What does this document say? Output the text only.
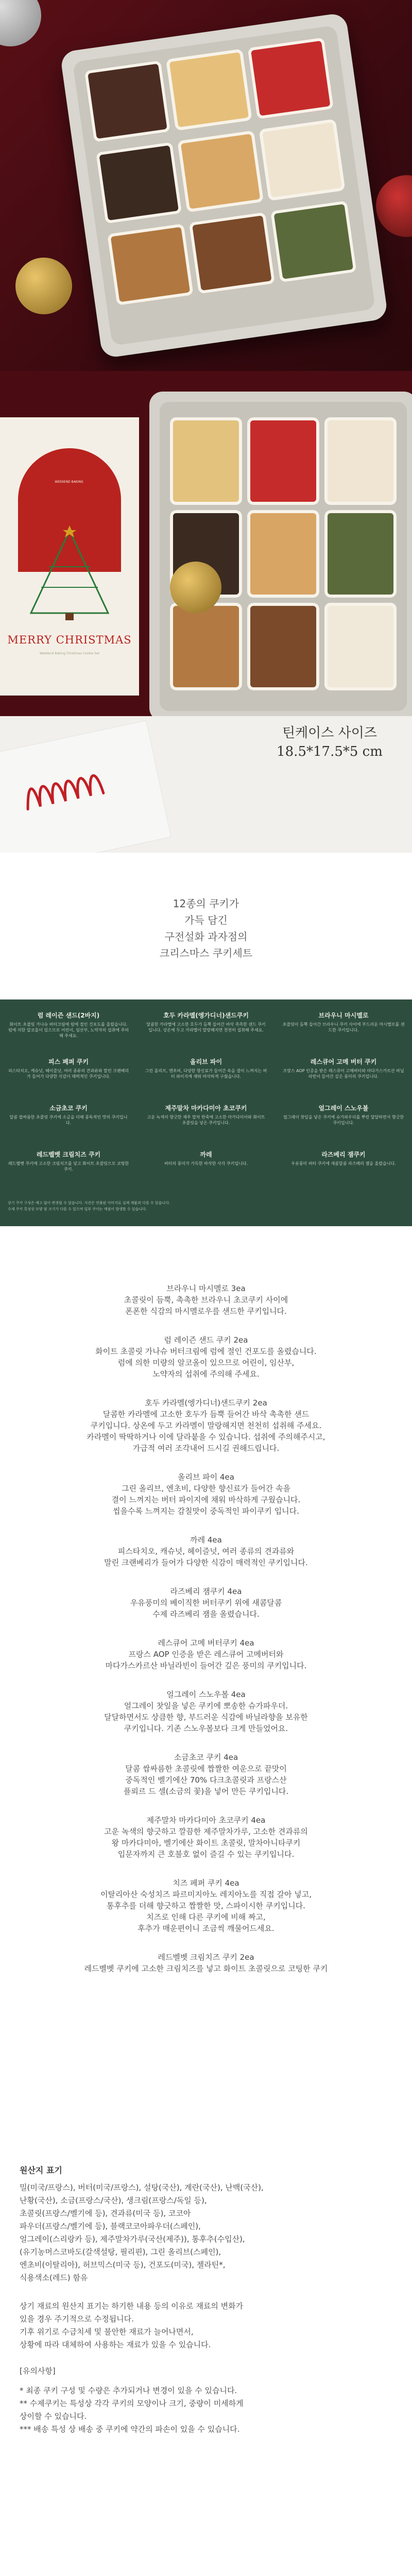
WEEKEND BAKING
MERRY CHRISTMAS
Weekend Baking Christmas Cookie Set
틴케이스 사이즈
18.5*17.5*5 cm
12종의 쿠키가
가득 담긴
구전설화 과자점의
크리스마스 쿠키세트
럼 레이즌 샌드(2바지)
화이트 초콜릿 가나슈 버터크림에 럼에 절인 건포도를 올렸습니다. 럼에 의한 알코올이 있으므로 어린이, 임산부, 노약자의 섭취에 주의해 주세요.
호두 카라멜(엥가디너)샌드쿠키
달콤한 카라멜에 고소한 호두가 듬뿍 들어간 바삭 촉촉한 샌드 쿠키입니다. 상온에 두고 카라멜이 말랑해지면 천천히 섭취해 주세요.
브라우니 마시멜로
초콜릿이 듬뿍 들어간 브라우니 쿠키 사이에 부드러운 마시멜로를 샌드한 쿠키입니다.
피스 페퍼 쿠키
피스타치오, 캐슈넛, 헤이즐넛, 여러 종류의 견과류와 말린 크랜베리가 들어가 다양한 식감이 매력적인 쿠키입니다.
올리브 파이
그린 올리브, 엔초비, 다양한 향신료가 들어간 속을 결이 느껴지는 버터 파이지에 채워 바삭하게 구웠습니다.
레스큐어 고메 버터 쿠키
프랑스 AOP 인증을 받은 레스큐어 고메버터와 마다가스카르산 바닐라빈이 들어간 깊은 풍미의 쿠키입니다.
소금초코 쿠키
달콤 쌉싸름한 초콜릿 쿠키에 소금을 더해 중독적인 맛의 쿠키입니다.
제주말차 마카다미아 초코쿠키
고운 녹색의 향긋한 제주 말차 반죽에 고소한 마카다미아와 화이트 초콜릿을 넣은 쿠키입니다.
얼그레이 스노우볼
얼그레이 찻잎을 넣은 쿠키에 슈가파우더를 뿌린 달달하면서 향긋한 쿠키입니다.
레드벨벳 크림치즈 쿠키
레드벨벳 쿠키에 고소한 크림치즈를 넣고 화이트 초콜릿으로 코팅한 쿠키.
까레
버터의 풍미가 가득한 바삭한 사각 쿠키입니다.
라즈베리 잼쿠키
우유풍미 버터 쿠키에 새콤달콤 라즈베리 잼을 올렸습니다.
상기 쿠키 구성은 예고 없이 변경될 수 있습니다. 사진은 연출된 이미지로 실제 제품과 다를 수 있습니다.
수제 쿠키 특성상 모양 및 크기가 다를 수 있으며 일부 쿠키는 깨짐이 발생할 수 있습니다.
브라우니 마시멜로 3ea
초콜릿이 듬뿍, 촉촉한 브라우니 초코쿠키 사이에
폰폰한 식감의 마시멜로우를 샌드한 쿠키입니다.
럼 레이즌 샌드 쿠키 2ea
화이트 초콜릿 가나슈 버터크림에 럼에 절인 건포도를 올렸습니다.
럼에 의한 미량의 알코올이 있으므로 어린이, 임산부,
노약자의 섭취에 주의해 주세요.
호두 카라멜(엥가디너)샌드쿠키 2ea
달콤한 카라멜에 고소한 호두가 듬뿍 들어간 바삭 촉촉한 샌드
쿠키입니다. 상온에 두고 카라멜이 말랑해지면 천천히 섭취해 주세요.
카라멜이 딱딱하거나 이에 달라붙을 수 있습니다. 섭취에 주의해주시고,
가급적 여러 조각내어 드시길 권해드립니다.
올리브 파이 4ea
그린 올리브, 엔초비, 다양한 향신료가 들어간 속을
결이 느껴지는 버터 파이지에 채워 바삭하게 구웠습니다.
씹을수록 느껴지는 감칠맛이 중독적인 파이쿠키 입니다.
까레 4ea
피스타치오, 캐슈넛, 헤이즐넛, 여러 종류의 견과류와
말린 크랜베리가 들어가 다양한 식감이 매력적인 쿠키입니다.
라즈베리 잼쿠키 4ea
우유풍미의 베이직한 버터쿠키 위에 새콤달콤
수제 라즈베리 잼을 올렸습니다.
레스큐어 고메 버터쿠키 4ea
프랑스 AOP 인증을 받은 레스큐어 고메버터와
마다가스카르산 바닐라빈이 들어간 깊은 풍미의 쿠키입니다.
얼그레이 스노우볼 4ea
얼그레이 찻잎을 넣은 쿠키에 뽀송한 슈가파우더.
달달하면서도 상큼한 향, 부드러운 식감에 바닐라향을 보유한
쿠키입니다. 기존 스노우볼보다 크게 만들었어요.
소금초코 쿠키 4ea
달콤 쌉싸름한 초콜릿에 짭짤한 여운으로 끝맛이
중독적인 벨기에산 70% 다크초콜릿과 프랑스산
플뢰르 드 셀(소금의 꽃)을 넣어 만든 쿠키입니다.
제주말차 마카다미아 초코쿠키 4ea
고운 녹색의 향긋하고 깔끔한 제주말차가루, 고소한 견과류의
왕 마카다미아, 벨기에산 화이트 초콜릿, 말차아니타쿠키
입문자까지 큰 호불호 없이 즐길 수 있는 쿠키입니다.
치즈 페퍼 쿠키 4ea
이탈리아산 숙성치즈 파르미지아노 레지아노를 직접 갈아 넣고,
통후추를 더해 향긋하고 짭짤한 맛, 스파이시한 쿠키입니다.
치즈로 인해 다른 쿠키에 비해 짜고,
후추가 매운편이니 조금씩 깨물어드세요.
레드벨벳 크림치즈 쿠키 2ea
레드벨벳 쿠키에 고소한 크림치즈를 넣고 화이트 초콜릿으로 코팅한 쿠키
원산지 표기
밀(미국/프랑스), 버터(미국/프랑스), 설탕(국산), 계란(국산), 난백(국산),
난황(국산), 소금(프랑스/국산), 생크림(프랑스/독일 등),
초콜릿(프랑스/벨기에 등), 견과류(미국 등), 코코아
파우더(프랑스/벨기에 등), 블랙코코아파우더(스페인),
얼그레이(스리랑카 등), 제주말차가루(국산(제주)), 통후추(수입산),
(유기농머스코바도(갈색설탕, 필리핀), 그린 올리브(스페인),
엔초비(이탈리아), 허브믹스(미국 등), 건포도(미국), 젤라틴*,
식용색소(레드) 함유
상기 재료의 원산지 표기는 하기한 내용 등의 이유로 재료의 변화가
있을 경우 주기적으로 수정됩니다.
기후 위기로 수급치세 및 불안한 재료가 늘어나면서,
상황에 따라 대체하여 사용하는 재료가 있을 수 있습니다.
[유의사항]
* 최종 쿠키 구성 및 수량은 추가되거나 변경이 있을 수 있습니다.
** 수제쿠키는 특성상 각각 쿠키의 모양이나 크기, 중량이 미세하게
상이할 수 있습니다.
*** 배송 특성 상 배송 중 쿠키에 약간의 파손이 있을 수 있습니다.
